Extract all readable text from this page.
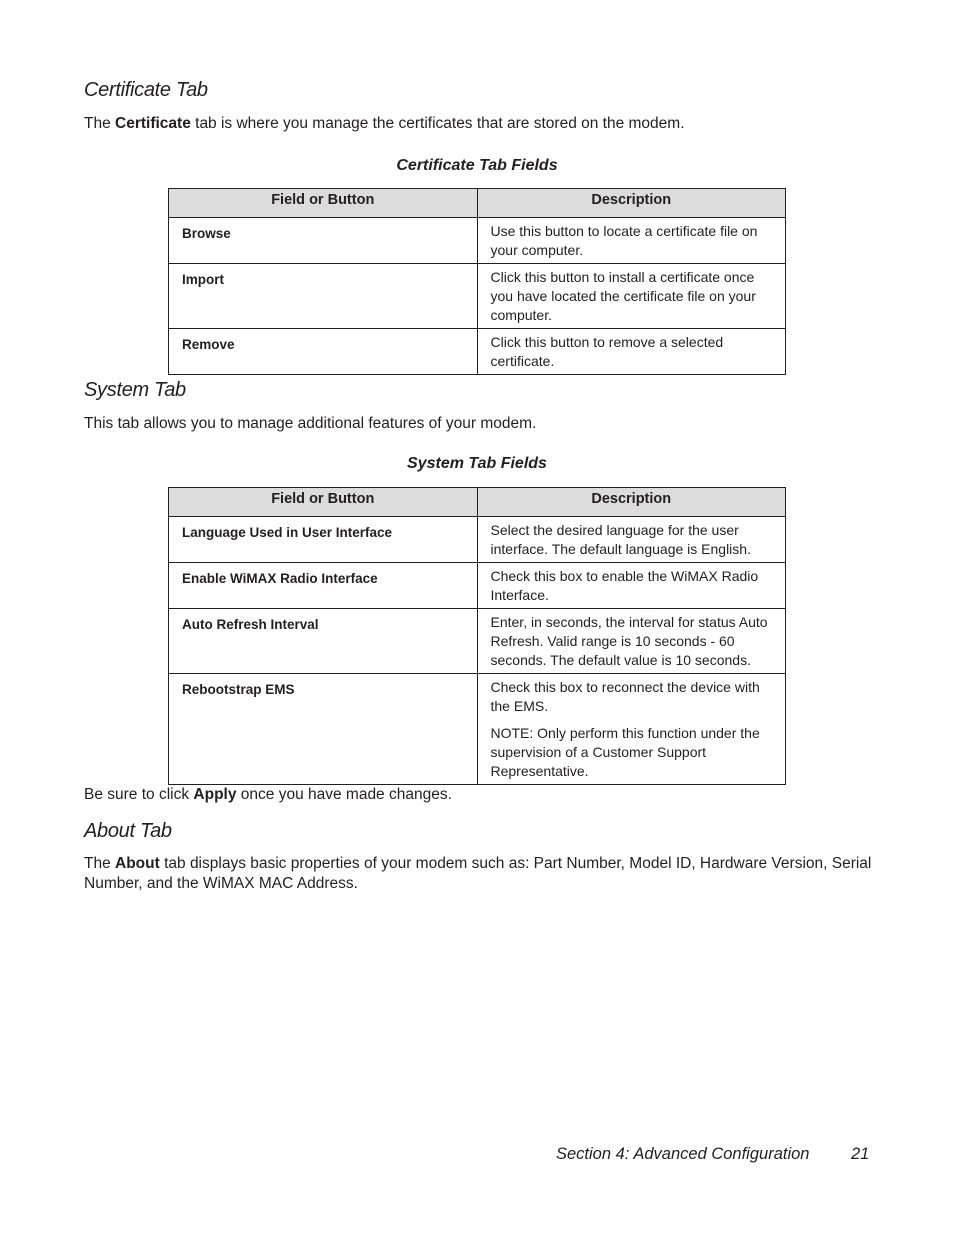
Certificate Tab

The Certificate tab is where you manage the certificates that are stored on the modem.

Certificate Tab Fields

Field or Button	Description
Browse	Use this button to locate a certificate file on your computer.

Import	Click this button to install a certificate once you have located the certificate file on your computer.

Remove	Click this button to remove a selected certificate.

System Tab

This tab allows you to manage additional features of your modem.

System Tab Fields

Field or Button	Description
Language Used in User Interface	Select the desired language for the user interface. The default language is English.

Enable WiMAX Radio Interface	Check this box to enable the WiMAX Radio Interface.

Auto Refresh Interval	Enter, in seconds, the interval for status Auto Refresh. Valid range is 10 seconds - 60 seconds. The default value is 10 seconds.

Rebootstrap EMS	Check this box to reconnect the device with the EMS.

NOTE: Only perform this function under the supervision of a Customer Support Representative.

Be sure to click Apply once you have made changes.

About Tab

The About tab displays basic properties of your modem such as: Part Number, Model ID, Hardware Version, Serial Number, and the WiMAX MAC Address.

Section 4: Advanced Configuration	21
